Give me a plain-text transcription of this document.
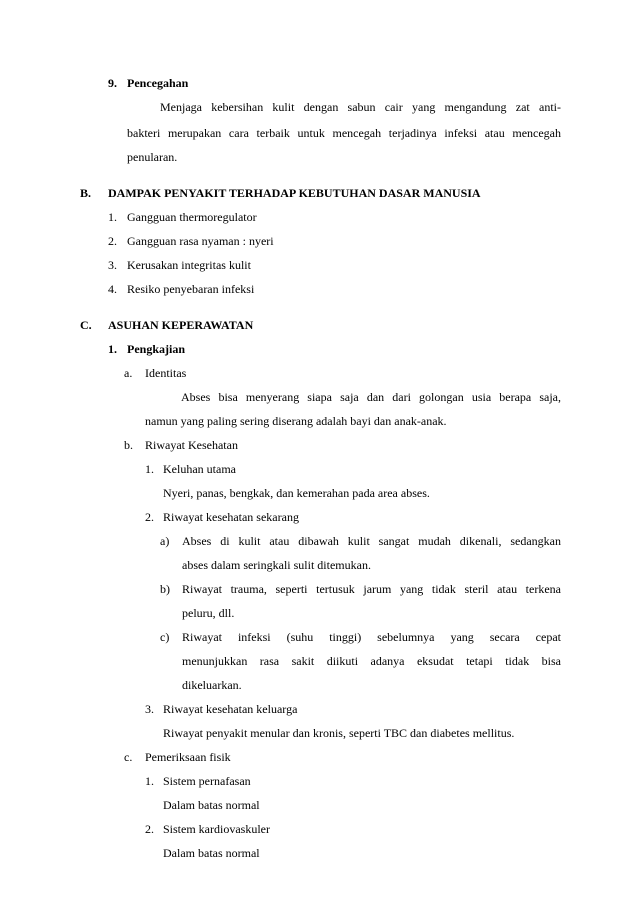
9. Pencegahan
Menjaga kebersihan kulit dengan sabun cair yang mengandung zat anti-
bakteri merupakan cara terbaik untuk mencegah terjadinya infeksi atau mencegah
penularan.
B. DAMPAK PENYAKIT TERHADAP KEBUTUHAN DASAR MANUSIA
1. Gangguan thermoregulator
2. Gangguan rasa nyaman : nyeri
3. Kerusakan integritas kulit
4. Resiko penyebaran infeksi
C. ASUHAN KEPERAWATAN
1. Pengkajian
a. Identitas
Abses bisa menyerang siapa saja dan dari golongan usia berapa saja,
namun yang paling sering diserang adalah bayi dan anak-anak.
b. Riwayat Kesehatan
1. Keluhan utama
Nyeri, panas, bengkak, dan kemerahan pada area abses.
2. Riwayat kesehatan sekarang
a) Abses di kulit atau dibawah kulit sangat mudah dikenali, sedangkan
abses dalam seringkali sulit ditemukan.
b) Riwayat trauma, seperti tertusuk jarum yang tidak steril atau terkena
peluru, dll.
c) Riwayat infeksi (suhu tinggi) sebelumnya yang secara cepat
menunjukkan rasa sakit diikuti adanya eksudat tetapi tidak bisa
dikeluarkan.
3. Riwayat kesehatan keluarga
Riwayat penyakit menular dan kronis, seperti TBC dan diabetes mellitus.
c. Pemeriksaan fisik
1. Sistem pernafasan
Dalam batas normal
2. Sistem kardiovaskuler
Dalam batas normal
